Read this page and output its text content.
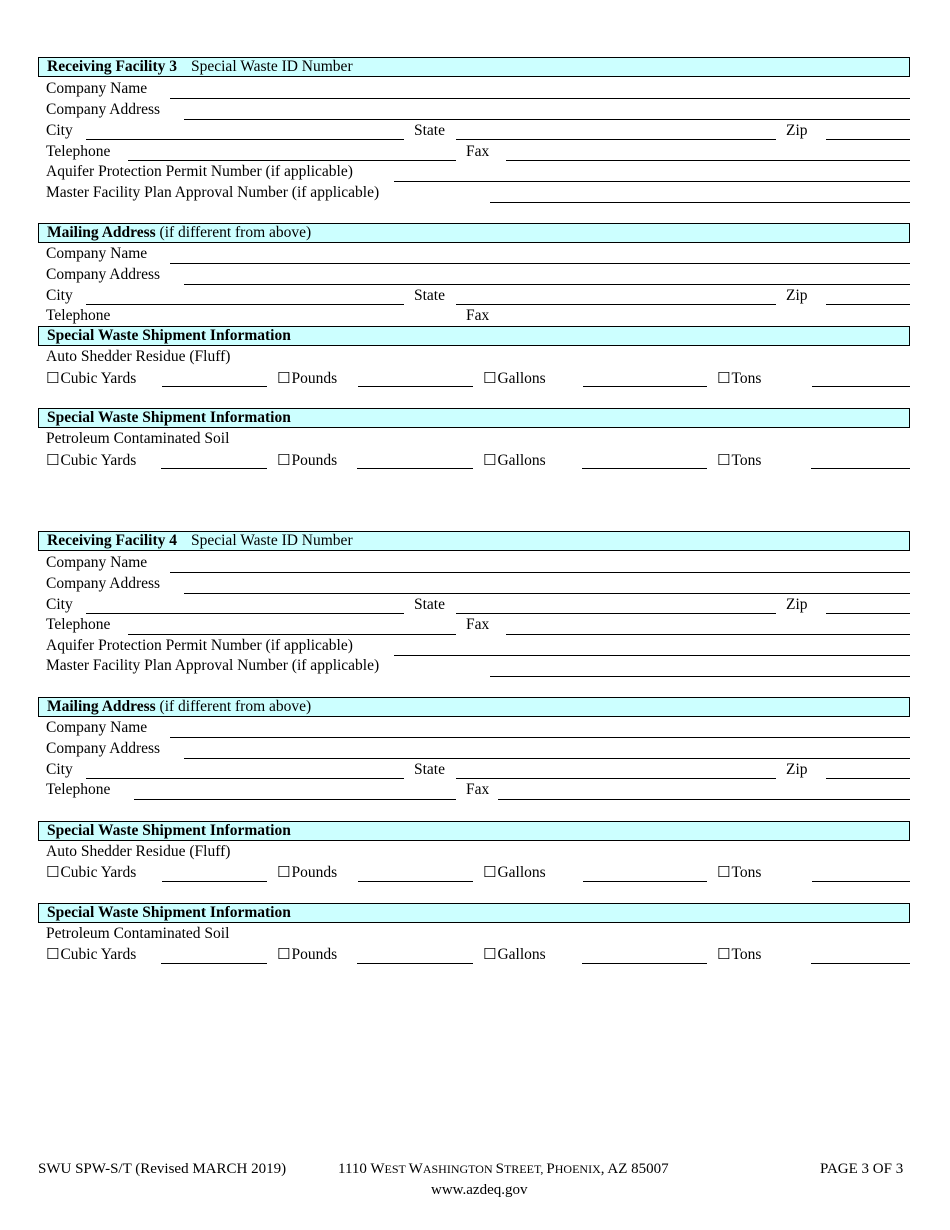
Receiving Facility 3 Special Waste ID Number
Company Name
Company Address
City	State	Zip
Telephone	Fax
Aquifer Protection Permit Number (if applicable)
Master Facility Plan Approval Number (if applicable)
Mailing Address (if different from above)
Company Name
Company Address
City	State	Zip
Telephone	Fax
Special Waste Shipment Information
Auto Shedder Residue (Fluff)
☐Cubic Yards	☐Pounds	☐Gallons	☐Tons
Special Waste Shipment Information
Petroleum Contaminated Soil
☐Cubic Yards	☐Pounds	☐Gallons	☐Tons
Receiving Facility 4 Special Waste ID Number
Company Name
Company Address
City	State	Zip
Telephone	Fax
Aquifer Protection Permit Number (if applicable)
Master Facility Plan Approval Number (if applicable)
Mailing Address (if different from above)
Company Name
Company Address
City	State	Zip
Telephone	Fax
Special Waste Shipment Information
Auto Shedder Residue (Fluff)
☐Cubic Yards	☐Pounds	☐Gallons	☐Tons
Special Waste Shipment Information
Petroleum Contaminated Soil
☐Cubic Yards	☐Pounds	☐Gallons	☐Tons
SWU SPW-S/T (Revised MARCH 2019)	1110 WEST WASHINGTON STREET, PHOENIX, AZ 85007	PAGE 3 OF 3
www.azdeq.gov
